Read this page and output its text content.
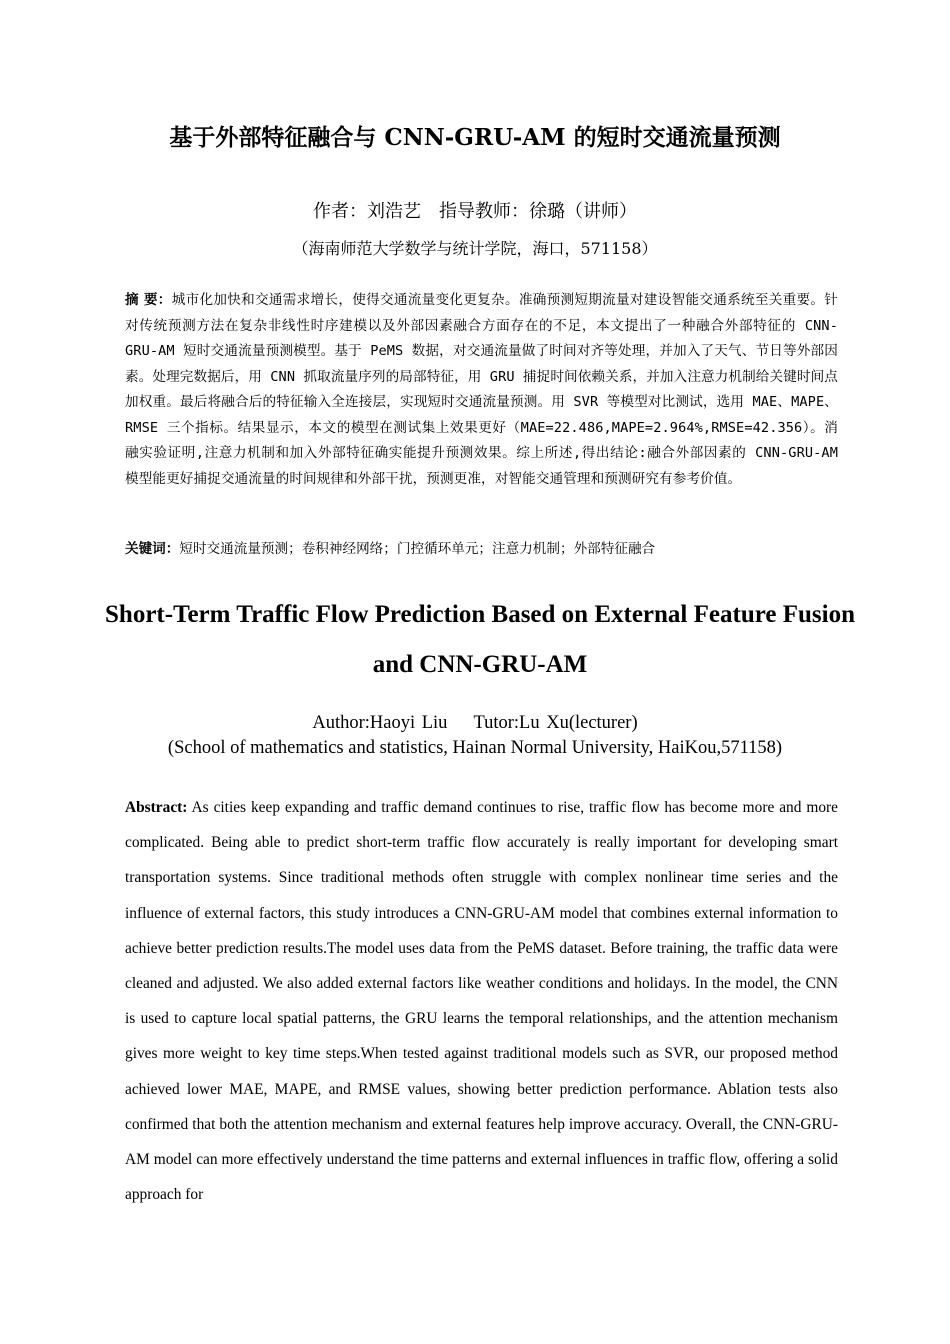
基于外部特征融合与 CNN-GRU-AM 的短时交通流量预测
作者：刘浩艺　指导教师：徐璐（讲师）
（海南师范大学数学与统计学院，海口，571158）
摘 要：城市化加快和交通需求增长，使得交通流量变化更复杂。准确预测短期流量对建设智能交通系统至关重要。针对传统预测方法在复杂非线性时序建模以及外部因素融合方面存在的不足，本文提出了一种融合外部特征的 CNN-GRU-AM 短时交通流量预测模型。基于 PeMS 数据，对交通流量做了时间对齐等处理，并加入了天气、节日等外部因素。处理完数据后，用 CNN 抓取流量序列的局部特征，用 GRU 捕捉时间依赖关系，并加入注意力机制给关键时间点加权重。最后将融合后的特征输入全连接层，实现短时交通流量预测。用 SVR 等模型对比测试，选用 MAE、MAPE、RMSE 三个指标。结果显示，本文的模型在测试集上效果更好（MAE=22.486,MAPE=2.964%,RMSE=42.356）。消融实验证明,注意力机制和加入外部特征确实能提升预测效果。综上所述,得出结论:融合外部因素的 CNN-GRU-AM 模型能更好捕捉交通流量的时间规律和外部干扰，预测更准，对智能交通管理和预测研究有参考价值。
关键词：短时交通流量预测；卷积神经网络；门控循环单元；注意力机制；外部特征融合
Short-Term Traffic Flow Prediction Based on External Feature Fusion and CNN-GRU-AM
Author:Haoyi Liu Tutor:Lu Xu(lecturer)
(School of mathematics and statistics, Hainan Normal University, HaiKou,571158)
Abstract: As cities keep expanding and traffic demand continues to rise, traffic flow has become more and more complicated. Being able to predict short-term traffic flow accurately is really important for developing smart transportation systems. Since traditional methods often struggle with complex nonlinear time series and the influence of external factors, this study introduces a CNN-GRU-AM model that combines external information to achieve better prediction results.The model uses data from the PeMS dataset. Before training, the traffic data were cleaned and adjusted. We also added external factors like weather conditions and holidays. In the model, the CNN is used to capture local spatial patterns, the GRU learns the temporal relationships, and the attention mechanism gives more weight to key time steps.When tested against traditional models such as SVR, our proposed method achieved lower MAE, MAPE, and RMSE values, showing better prediction performance. Ablation tests also confirmed that both the attention mechanism and external features help improve accuracy. Overall, the CNN-GRU-AM model can more effectively understand the time patterns and external influences in traffic flow, offering a solid approach for
